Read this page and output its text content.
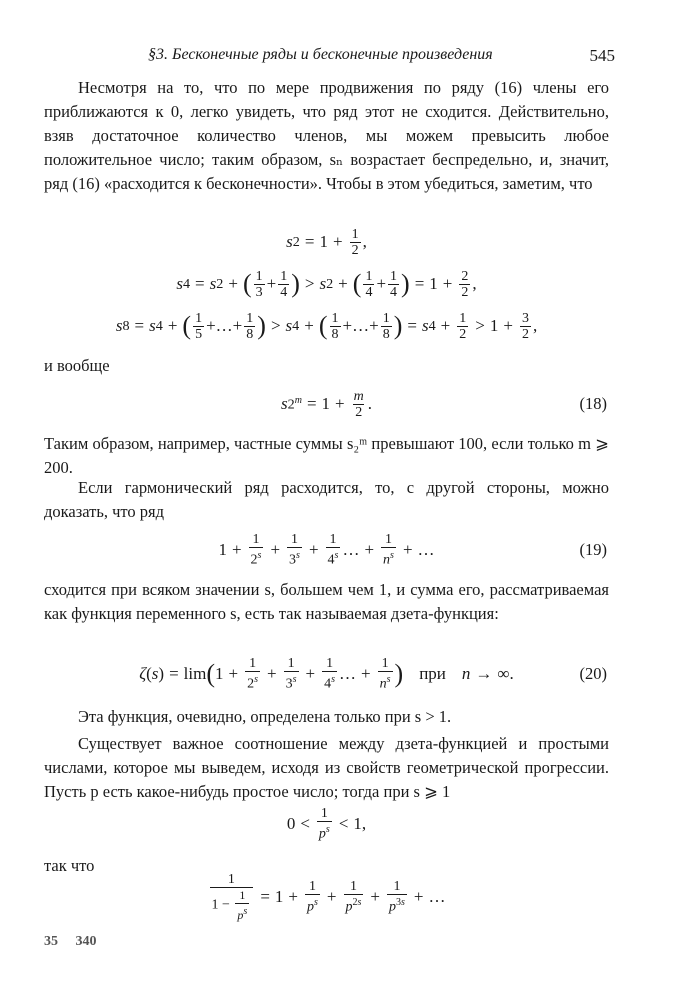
§3. Бесконечные ряды и бесконечные произведения	545

Несмотря на то, что по мере продвижения по ряду (16) члены его приближаются к 0, легко увидеть, что ряд этот не сходится. Действительно, взяв достаточное количество членов, мы можем превысить любое положительное число; таким образом, sₙ возрастает беспредельно, и, значит, ряд (16) «расходится к бесконечности». Чтобы в этом убедиться, заметим, что

s $2 = 1 + \frac{1}{2}$ ,
s 4 = s 2 + ( $\frac{1}{3} + \frac{1}{4}$ ) > s 2 + ( $\frac{1}{4} + \frac{1}{4}$ ) = $1 + \frac{2}{2}$ ,
s 8 = s 4 + ( $\frac{1}{5}$ +…+ $\frac{1}{8}$ ) > s 4 + ( $\frac{1}{8}$ +…+ $\frac{1}{8}$ ) = s $4 + \frac{1}{2} > 1 + \frac{3}{2}$ ,

и вообще

s $2^m = 1 + \frac{m}{2}$ .	(18)

Таким образом, например, частные суммы s₂ᵐ превышают 100, если только m ⩾ 200.

Если гармонический ряд расходится, то, с другой стороны, можно доказать, что ряд

$1 + \frac{1}{2^s} + \frac{1}{3^s} + \frac{1}{4^s}$ … + $\frac{1}{n^s}$ + …	(19)

сходится при всяком значении s, большем чем 1, и сумма его, рассматриваемая как функция переменного s, есть так называемая дзета-функция:

ζ ( s ) = lim ( $1 + \frac{1}{2^s} + \frac{1}{3^s} + \frac{1}{4^s}$ … + $\frac{1}{n^s}$ ) при n → ∞.	(20)

Эта функция, очевидно, определена только при s > 1.

Существует важное соотношение между дзета-функцией и простыми числами, которое мы выведем, исходя из свойств геометрической прогрессии. Пусть p есть какое-нибудь простое число; тогда при s ⩾ 1

$0 < \frac{1}{p^s} < 1$,

так что

$\frac{1}{1 - \frac{1}{p^s}} = 1 + \frac{1}{p^s} + \frac{1}{p^{2s}} + \frac{1}{p^{3s}}$ + …
35     340
